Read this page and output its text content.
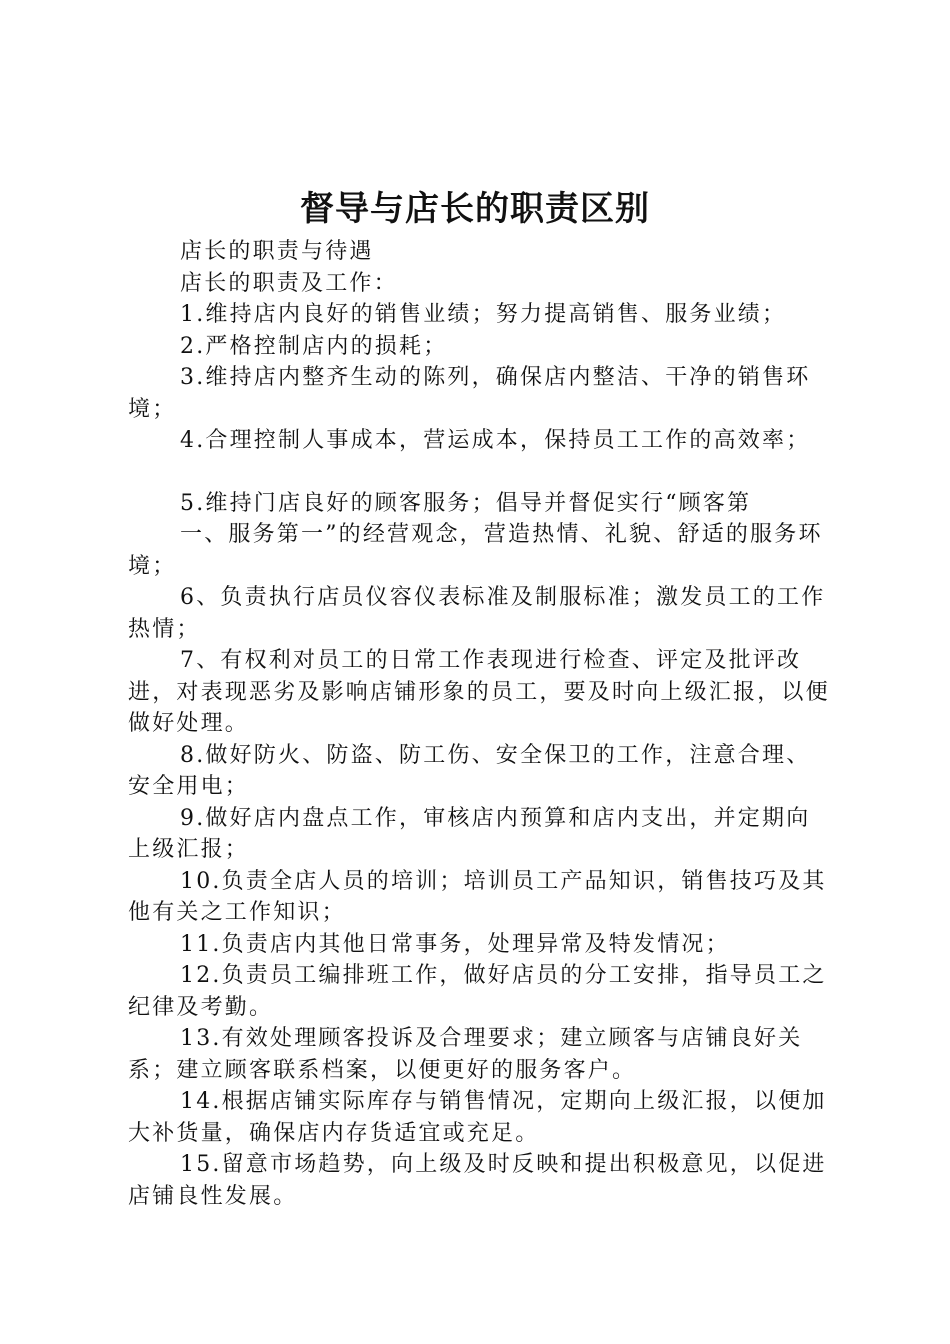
督导与店长的职责区别

店长的职责与待遇

店长的职责及工作：

1.维持店内良好的销售业绩；努力提高销售、服务业绩；

2.严格控制店内的损耗；

3.维持店内整齐生动的陈列，确保店内整洁、干净的销售环境；

4.合理控制人事成本，营运成本，保持员工工作的高效率；

5.维持门店良好的顾客服务；倡导并督促实行“顾客第

一、服务第一”的经营观念，营造热情、礼貌、舒适的服务环境；

6、负责执行店员仪容仪表标准及制服标准；激发员工的工作热情；

7、有权利对员工的日常工作表现进行检查、评定及批评改进，对表现恶劣及影响店铺形象的员工，要及时向上级汇报，以便做好处理。

8.做好防火、防盗、防工伤、安全保卫的工作，注意合理、安全用电；

9.做好店内盘点工作，审核店内预算和店内支出，并定期向上级汇报；

10.负责全店人员的培训；培训员工产品知识，销售技巧及其他有关之工作知识；

11.负责店内其他日常事务，处理异常及特发情况；

12.负责员工编排班工作，做好店员的分工安排，指导员工之纪律及考勤。

13.有效处理顾客投诉及合理要求；建立顾客与店铺良好关系；建立顾客联系档案，以便更好的服务客户。

14.根据店铺实际库存与销售情况，定期向上级汇报，以便加大补货量，确保店内存货适宜或充足。

15.留意市场趋势，向上级及时反映和提出积极意见，以促进店铺良性发展。
